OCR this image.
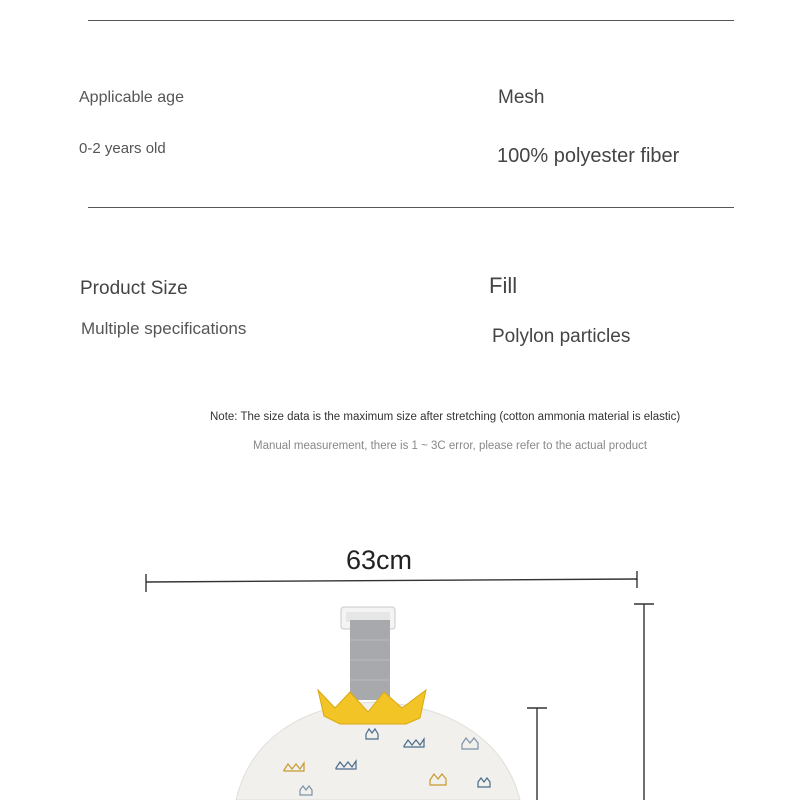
Applicable age
0-2 years old
Mesh
100% polyester fiber
Product Size
Multiple specifications
Fill
Polylon particles
Note: The size data is the maximum size after stretching (cotton ammonia material is elastic)
Manual measurement, there is 1 ~ 3C error, please refer to the actual product
63cm
